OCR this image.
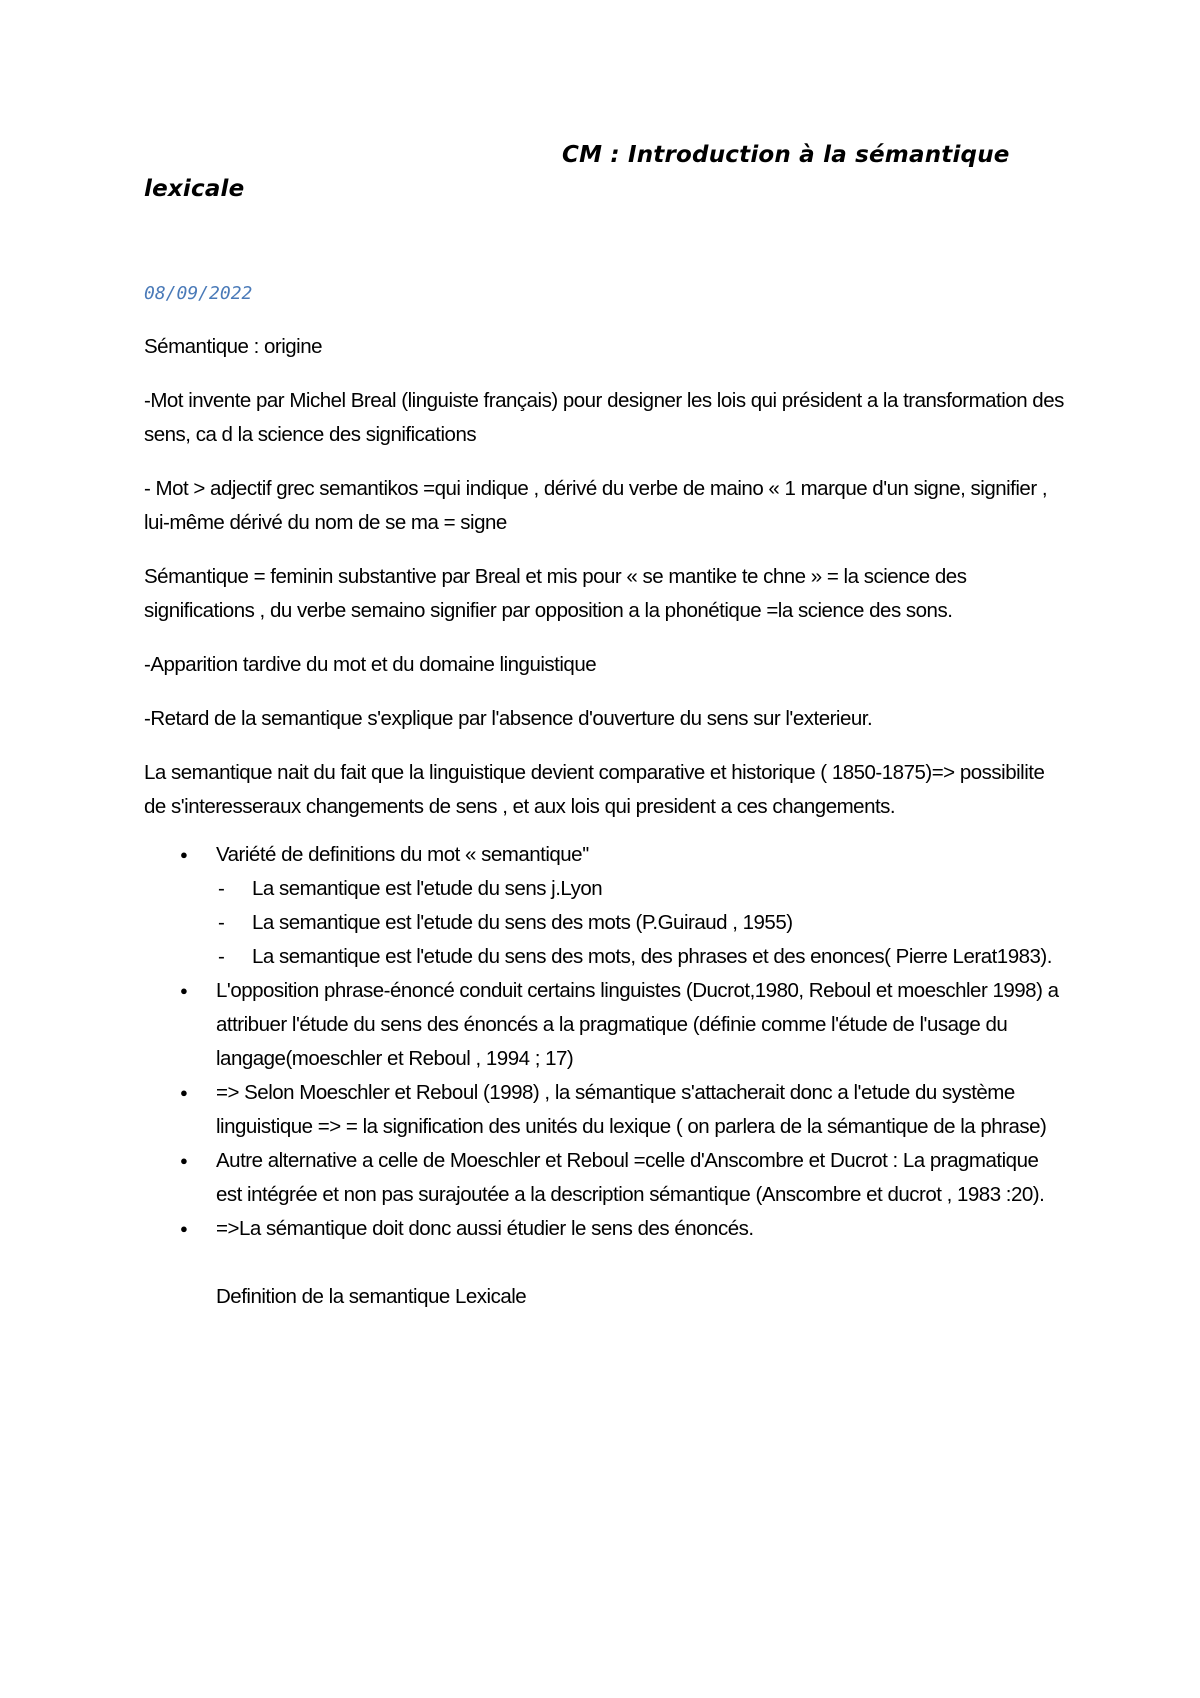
CM : Introduction à la sémantique lexicale
08/09/2022

Sémantique : origine

-Mot invente par Michel Breal (linguiste français) pour designer les lois qui président a la transformation des sens, ca d la science des significations

- Mot > adjectif grec semantikos =qui indique , dérivé du verbe de maino « 1 marque d'un signe, signifier , lui-même dérivé du nom de se ma = signe

Sémantique = feminin substantive par Breal et mis pour « se mantike te chne » = la science des significations , du verbe semaino signifier par opposition a la phonétique =la science des sons.

-Apparition tardive du mot et du domaine linguistique

-Retard de la semantique s'explique par l'absence d'ouverture du sens sur l'exterieur.

La semantique nait du fait que la linguistique devient comparative et historique ( 1850-1875)=> possibilite de s'interesseraux changements de sens , et aux lois qui president a ces changements.

● Variété de definitions du mot « semantique''
- La semantique est l'etude du sens j.Lyon
- La semantique est l'etude du sens des mots (P.Guiraud , 1955)
- La semantique est l'etude du sens des mots, des phrases et des enonces( Pierre Lerat1983).
● L'opposition phrase-énoncé conduit certains linguistes (Ducrot,1980, Reboul et moeschler 1998) a attribuer l'étude du sens des énoncés a la pragmatique (définie comme l'étude de l'usage du langage(moeschler et Reboul , 1994 ; 17)
● => Selon Moeschler et Reboul (1998) , la sémantique s'attacherait donc a l'etude du système linguistique => = la signification des unités du lexique ( on parlera de la sémantique de la phrase)
● Autre alternative a celle de Moeschler et Reboul =celle d'Anscombre et Ducrot : La pragmatique est intégrée et non pas surajoutée a la description sémantique (Anscombre et ducrot , 1983 :20).
● =>La sémantique doit donc aussi étudier le sens des énoncés.
Definition de la semantique Lexicale
